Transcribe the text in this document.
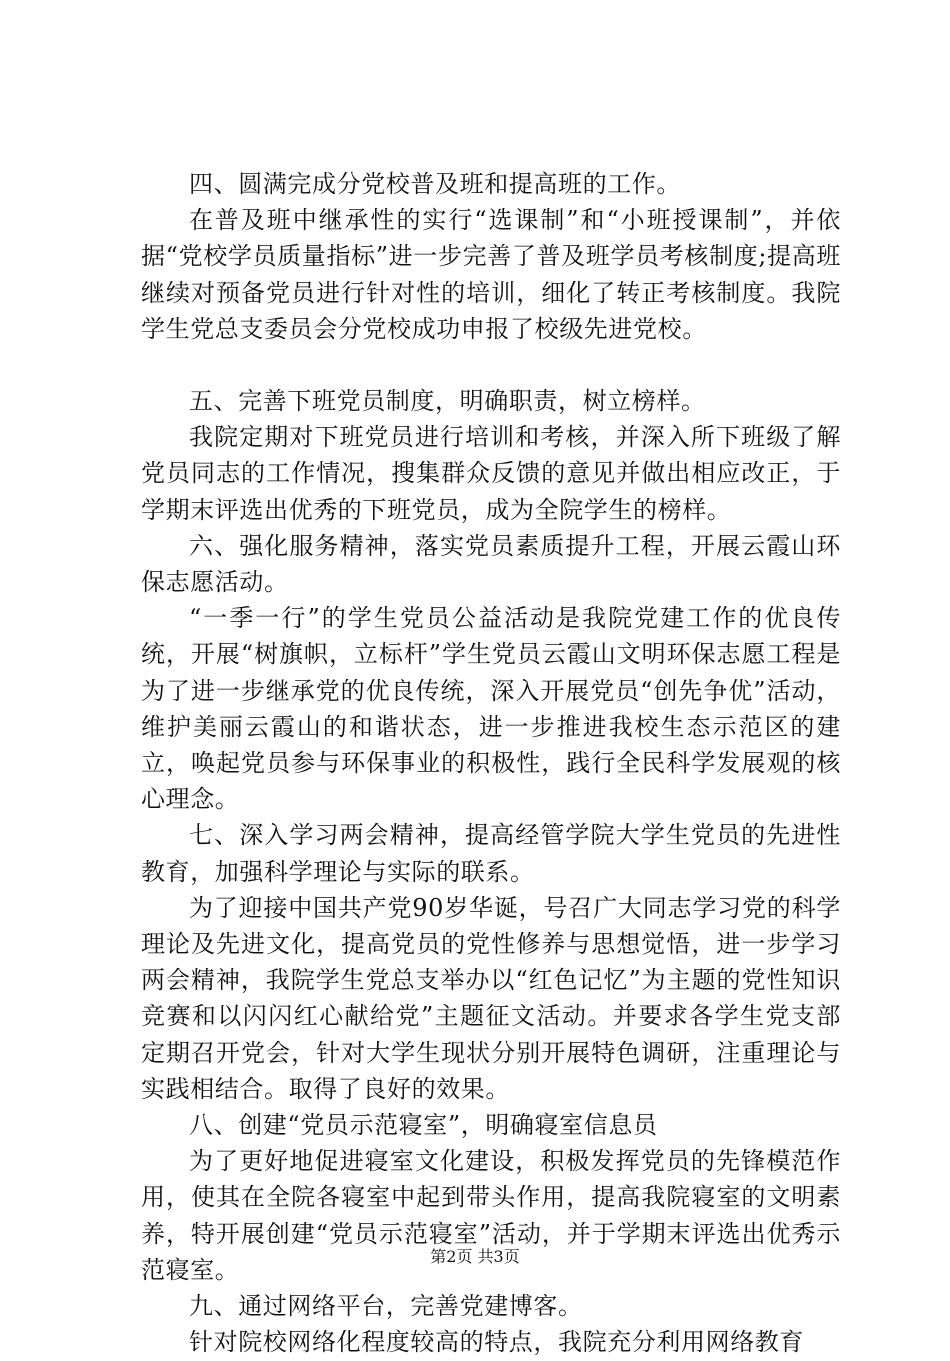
四、圆满完成分党校普及班和提高班的工作。

在普及班中继承性的实行“选课制”和“小班授课制”，并依据“党校学员质量指标”进一步完善了普及班学员考核制度;提高班继续对预备党员进行针对性的培训，细化了转正考核制度。我院学生党总支委员会分党校成功申报了校级先进党校。

五、完善下班党员制度，明确职责，树立榜样。

我院定期对下班党员进行培训和考核，并深入所下班级了解党员同志的工作情况，搜集群众反馈的意见并做出相应改正，于学期末评选出优秀的下班党员，成为全院学生的榜样。

六、强化服务精神，落实党员素质提升工程，开展云霞山环保志愿活动。

“一季一行”的学生党员公益活动是我院党建工作的优良传统，开展“树旗帜，立标杆”学生党员云霞山文明环保志愿工程是为了进一步继承党的优良传统，深入开展党员“创先争优”活动，维护美丽云霞山的和谐状态，进一步推进我校生态示范区的建立，唤起党员参与环保事业的积极性，践行全民科学发展观的核心理念。

七、深入学习两会精神，提高经管学院大学生党员的先进性教育，加强科学理论与实际的联系。

为了迎接中国共产党90岁华诞，号召广大同志学习党的科学理论及先进文化，提高党员的党性修养与思想觉悟，进一步学习两会精神，我院学生党总支举办以“红色记忆”为主题的党性知识竞赛和以闪闪红心献给党”主题征文活动。并要求各学生党支部定期召开党会，针对大学生现状分别开展特色调研，注重理论与实践相结合。取得了良好的效果。

八、创建“党员示范寝室”，明确寝室信息员

为了更好地促进寝室文化建设，积极发挥党员的先锋模范作用，使其在全院各寝室中起到带头作用，提高我院寝室的文明素养，特开展创建“党员示范寝室”活动，并于学期末评选出优秀示范寝室。

九、通过网络平台，完善党建博客。

针对院校网络化程度较高的特点，我院充分利用网络教育

第2页 共3页
